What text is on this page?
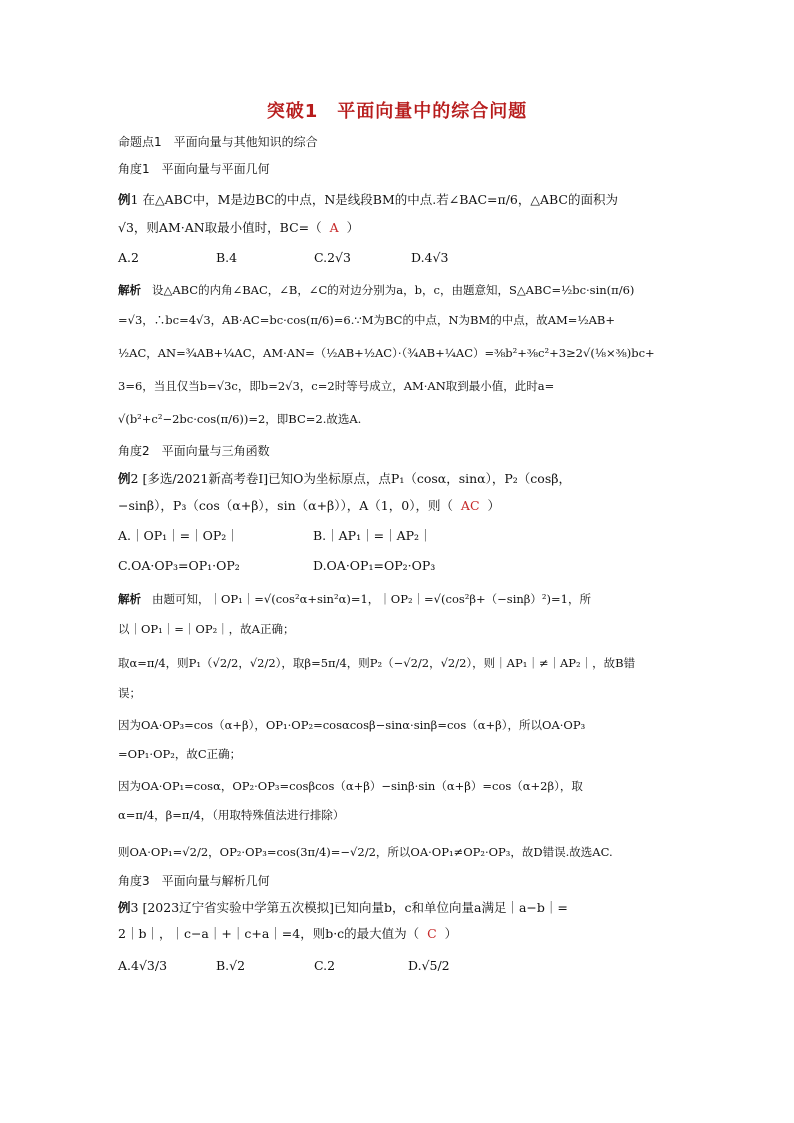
突破1　平面向量中的综合问题
命题点1　平面向量与其他知识的综合
角度1　平面向量与平面几何
例1 在△ABC中，M是边BC的中点，N是线段BM的中点.若∠BAC=π/6，△ABC的面积为
√3，则AM·AN取最小值时，BC=（ A ）
A.2	B.4	C.2√3	D.4√3
解析 设△ABC的内角∠BAC，∠B，∠C的对边分别为a，b，c，由题意知，S△ABC=½bc·sin(π/6)
=√3，∴bc=4√3，AB·AC=bc·cos(π/6)=6.∵M为BC的中点，N为BM的中点，故AM=½AB+
½AC，AN=¾AB+¼AC，AM·AN=（½AB+½AC）·（¾AB+¼AC）=⅜b²+⅜c²+3≥2√(⅛×⅜)bc+
3=6，当且仅当b=√3c，即b=2√3，c=2时等号成立，AM·AN取到最小值，此时a=
√(b²+c²−2bc·cos(π/6))=2，即BC=2.故选A.
角度2　平面向量与三角函数
例2 [多选/2021新高考卷Ⅰ]已知O为坐标原点，点P₁（cosα，sinα），P₂（cosβ，
−sinβ），P₃（cos（α+β），sin（α+β）），A（1，0），则（ AC ）
A.｜OP₁｜=｜OP₂｜	B.｜AP₁｜=｜AP₂｜
C.OA·OP₃=OP₁·OP₂	D.OA·OP₁=OP₂·OP₃
解析 由题可知，｜OP₁｜=√(cos²α+sin²α)=1，｜OP₂｜=√(cos²β+（−sinβ）²)=1，所
以｜OP₁｜=｜OP₂｜，故A正确；
取α=π/4，则P₁（√2/2，√2/2），取β=5π/4，则P₂（−√2/2，√2/2），则｜AP₁｜≠｜AP₂｜，故B错
误；
因为OA·OP₃=cos（α+β），OP₁·OP₂=cosαcosβ−sinα·sinβ=cos（α+β），所以OA·OP₃
=OP₁·OP₂，故C正确；
因为OA·OP₁=cosα，OP₂·OP₃=cosβcos（α+β）−sinβ·sin（α+β）=cos（α+2β），取
α=π/4，β=π/4，（用取特殊值法进行排除）
则OA·OP₁=√2/2，OP₂·OP₃=cos(3π/4)=−√2/2，所以OA·OP₁≠OP₂·OP₃，故D错误.故选AC.
角度3　平面向量与解析几何
例3 [2023辽宁省实验中学第五次模拟]已知向量b，c和单位向量a满足｜a−b｜=
2｜b｜，｜c−a｜+｜c+a｜=4，则b·c的最大值为（ C ）
A.4√3/3	B.√2	C.2	D.√5/2
